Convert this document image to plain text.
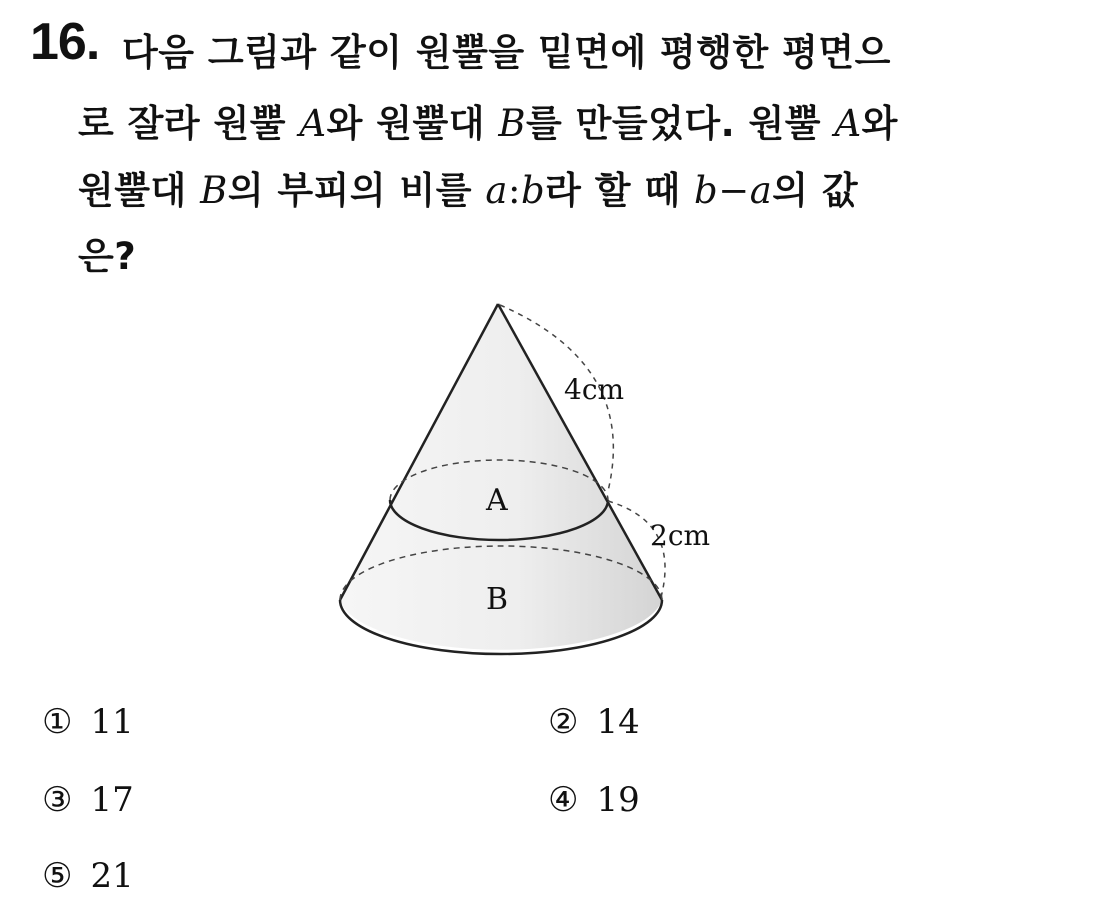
16. 다음 그림과 같이 원뿔을 밑면에 평행한 평면으
로 잘라 원뿔 A와 원뿔대 B를 만들었다. 원뿔 A와
원뿔대 B의 부피의 비를 a:b라 할 때 b−a의 값
은?
4cm
2cm
A
B
① 11	② 14
③ 17	④ 19
⑤ 21
